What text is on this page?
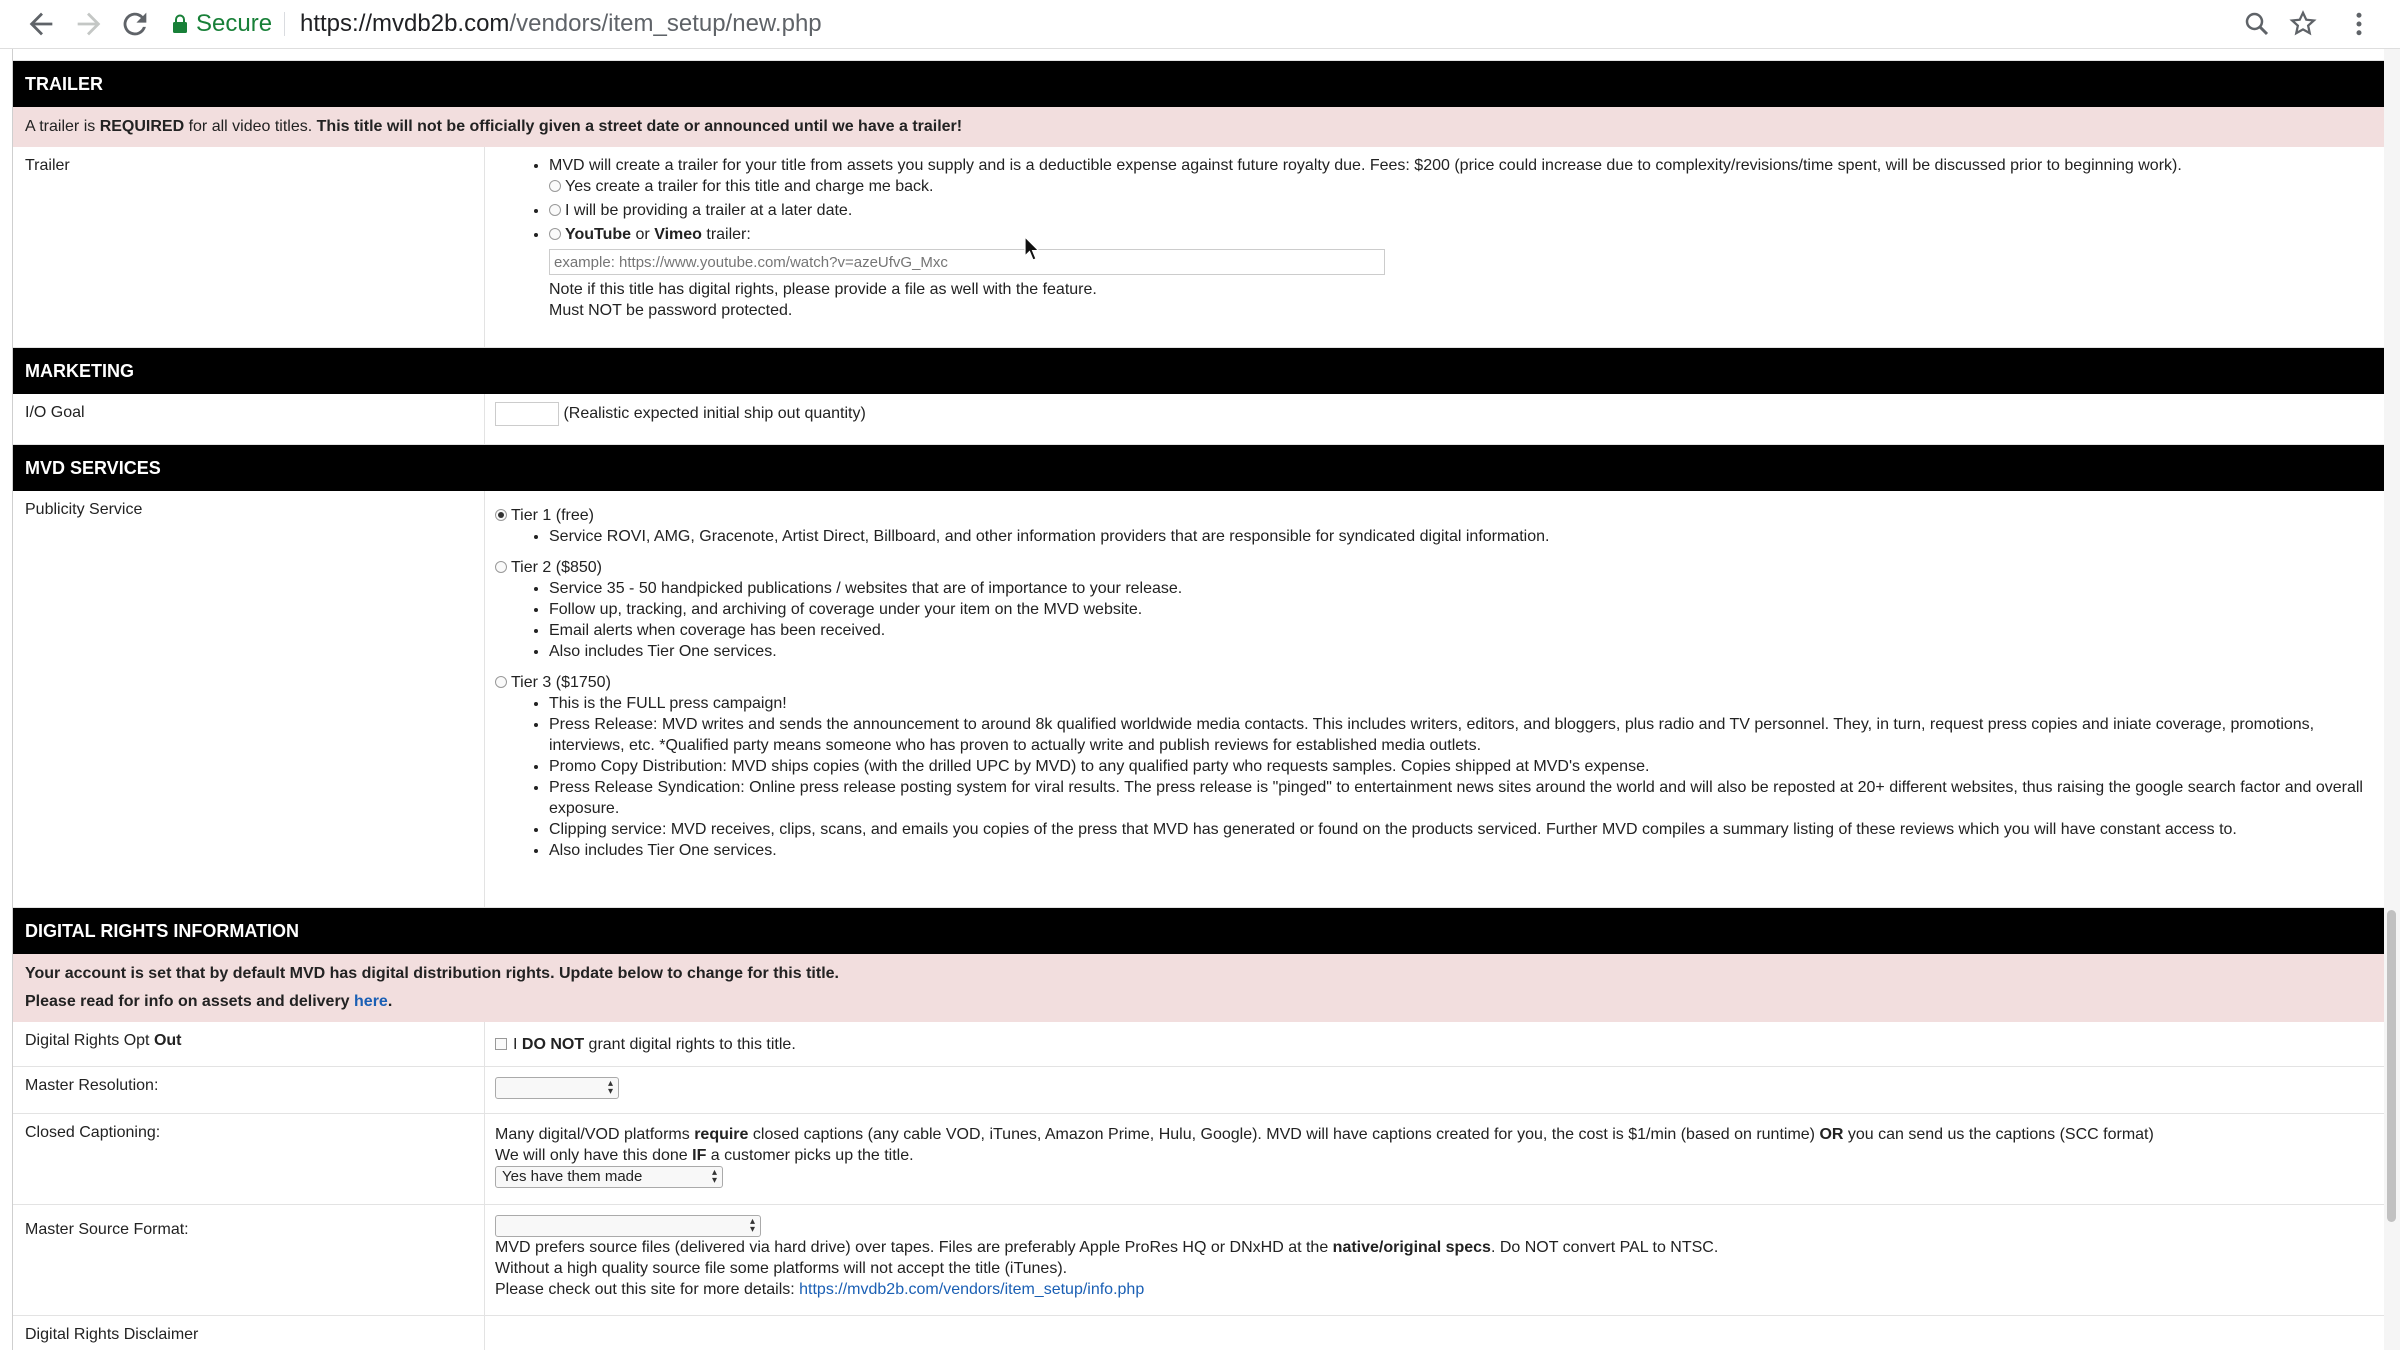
Secure https://mvdb2b.com/vendors/item_setup/new.php
TRAILER
A trailer is REQUIRED for all video titles. This title will not be officially given a street date or announced until we have a trailer!
Trailer
•	MVD will create a trailer for your title from assets you supply and is a deductible expense against future royalty due. Fees: $200 (price could increase due to complexity/revisions/time spent, will be discussed prior to beginning work).
Yes create a trailer for this title and charge me back.
• I will be providing a trailer at a later date.
• YouTube or Vimeo trailer:
example: https://www.youtube.com/watch?v=azeUfvG_Mxc Note if this title has digital rights, please provide a file as well with the feature.
Must NOT be password protected.
MARKETING
I/O Goal	(Realistic expected initial ship out quantity)
MVD SERVICES
Publicity Service	Tier 1 (free)
• Service ROVI, AMG, Gracenote, Artist Direct, Billboard, and other information providers that are responsible for syndicated digital information.
Tier 2 ($850)
• Service 35 - 50 handpicked publications / websites that are of importance to your release.
• Follow up, tracking, and archiving of coverage under your item on the MVD website.
• Email alerts when coverage has been received.
• Also includes Tier One services.
Tier 3 ($1750)
• This is the FULL press campaign!
• Press Release: MVD writes and sends the announcement to around 8k qualified worldwide media contacts. This includes writers, editors, and bloggers, plus radio and TV personnel. They, in turn, request press copies and iniate coverage, promotions, interviews, etc. *Qualified party means someone who has proven to actually write and publish reviews for established media outlets.
• Promo Copy Distribution: MVD ships copies (with the drilled UPC by MVD) to any qualified party who requests samples. Copies shipped at MVD's expense.
• Press Release Syndication: Online press release posting system for viral results. The press release is "pinged" to entertainment news sites around the world and will also be reposted at 20+ different websites, thus raising the google search factor and overall exposure.
• Clipping service: MVD receives, clips, scans, and emails you copies of the press that MVD has generated or found on the products serviced. Further MVD compiles a summary listing of these reviews which you will have constant access to.
• Also includes Tier One services.
DIGITAL RIGHTS INFORMATION
Your account is set that by default MVD has digital distribution rights. Update below to change for this title.
Please read for info on assets and delivery here.
Digital Rights Opt Out	I DO NOT grant digital rights to this title.
Master Resolution:	▴
▾
Closed Captioning:	Many digital/VOD platforms require closed captions (any cable VOD, iTunes, Amazon Prime, Hulu, Google). MVD will have captions created for you, the cost is $1/min (based on runtime) OR you can send us the captions (SCC format)
We will only have this done IF a customer picks up the title.
Yes have them made	▴
▾
Master Source Format:	▴
▾

MVD prefers source files (delivered via hard drive) over tapes. Files are preferably Apple ProRes HQ or DNxHD at the native/original specs. Do NOT convert PAL to NTSC.
Without a high quality source file some platforms will not accept the title (iTunes).
Please check out this site for more details: https://mvdb2b.com/vendors/item_setup/info.php
Digital Rights Disclaimer
